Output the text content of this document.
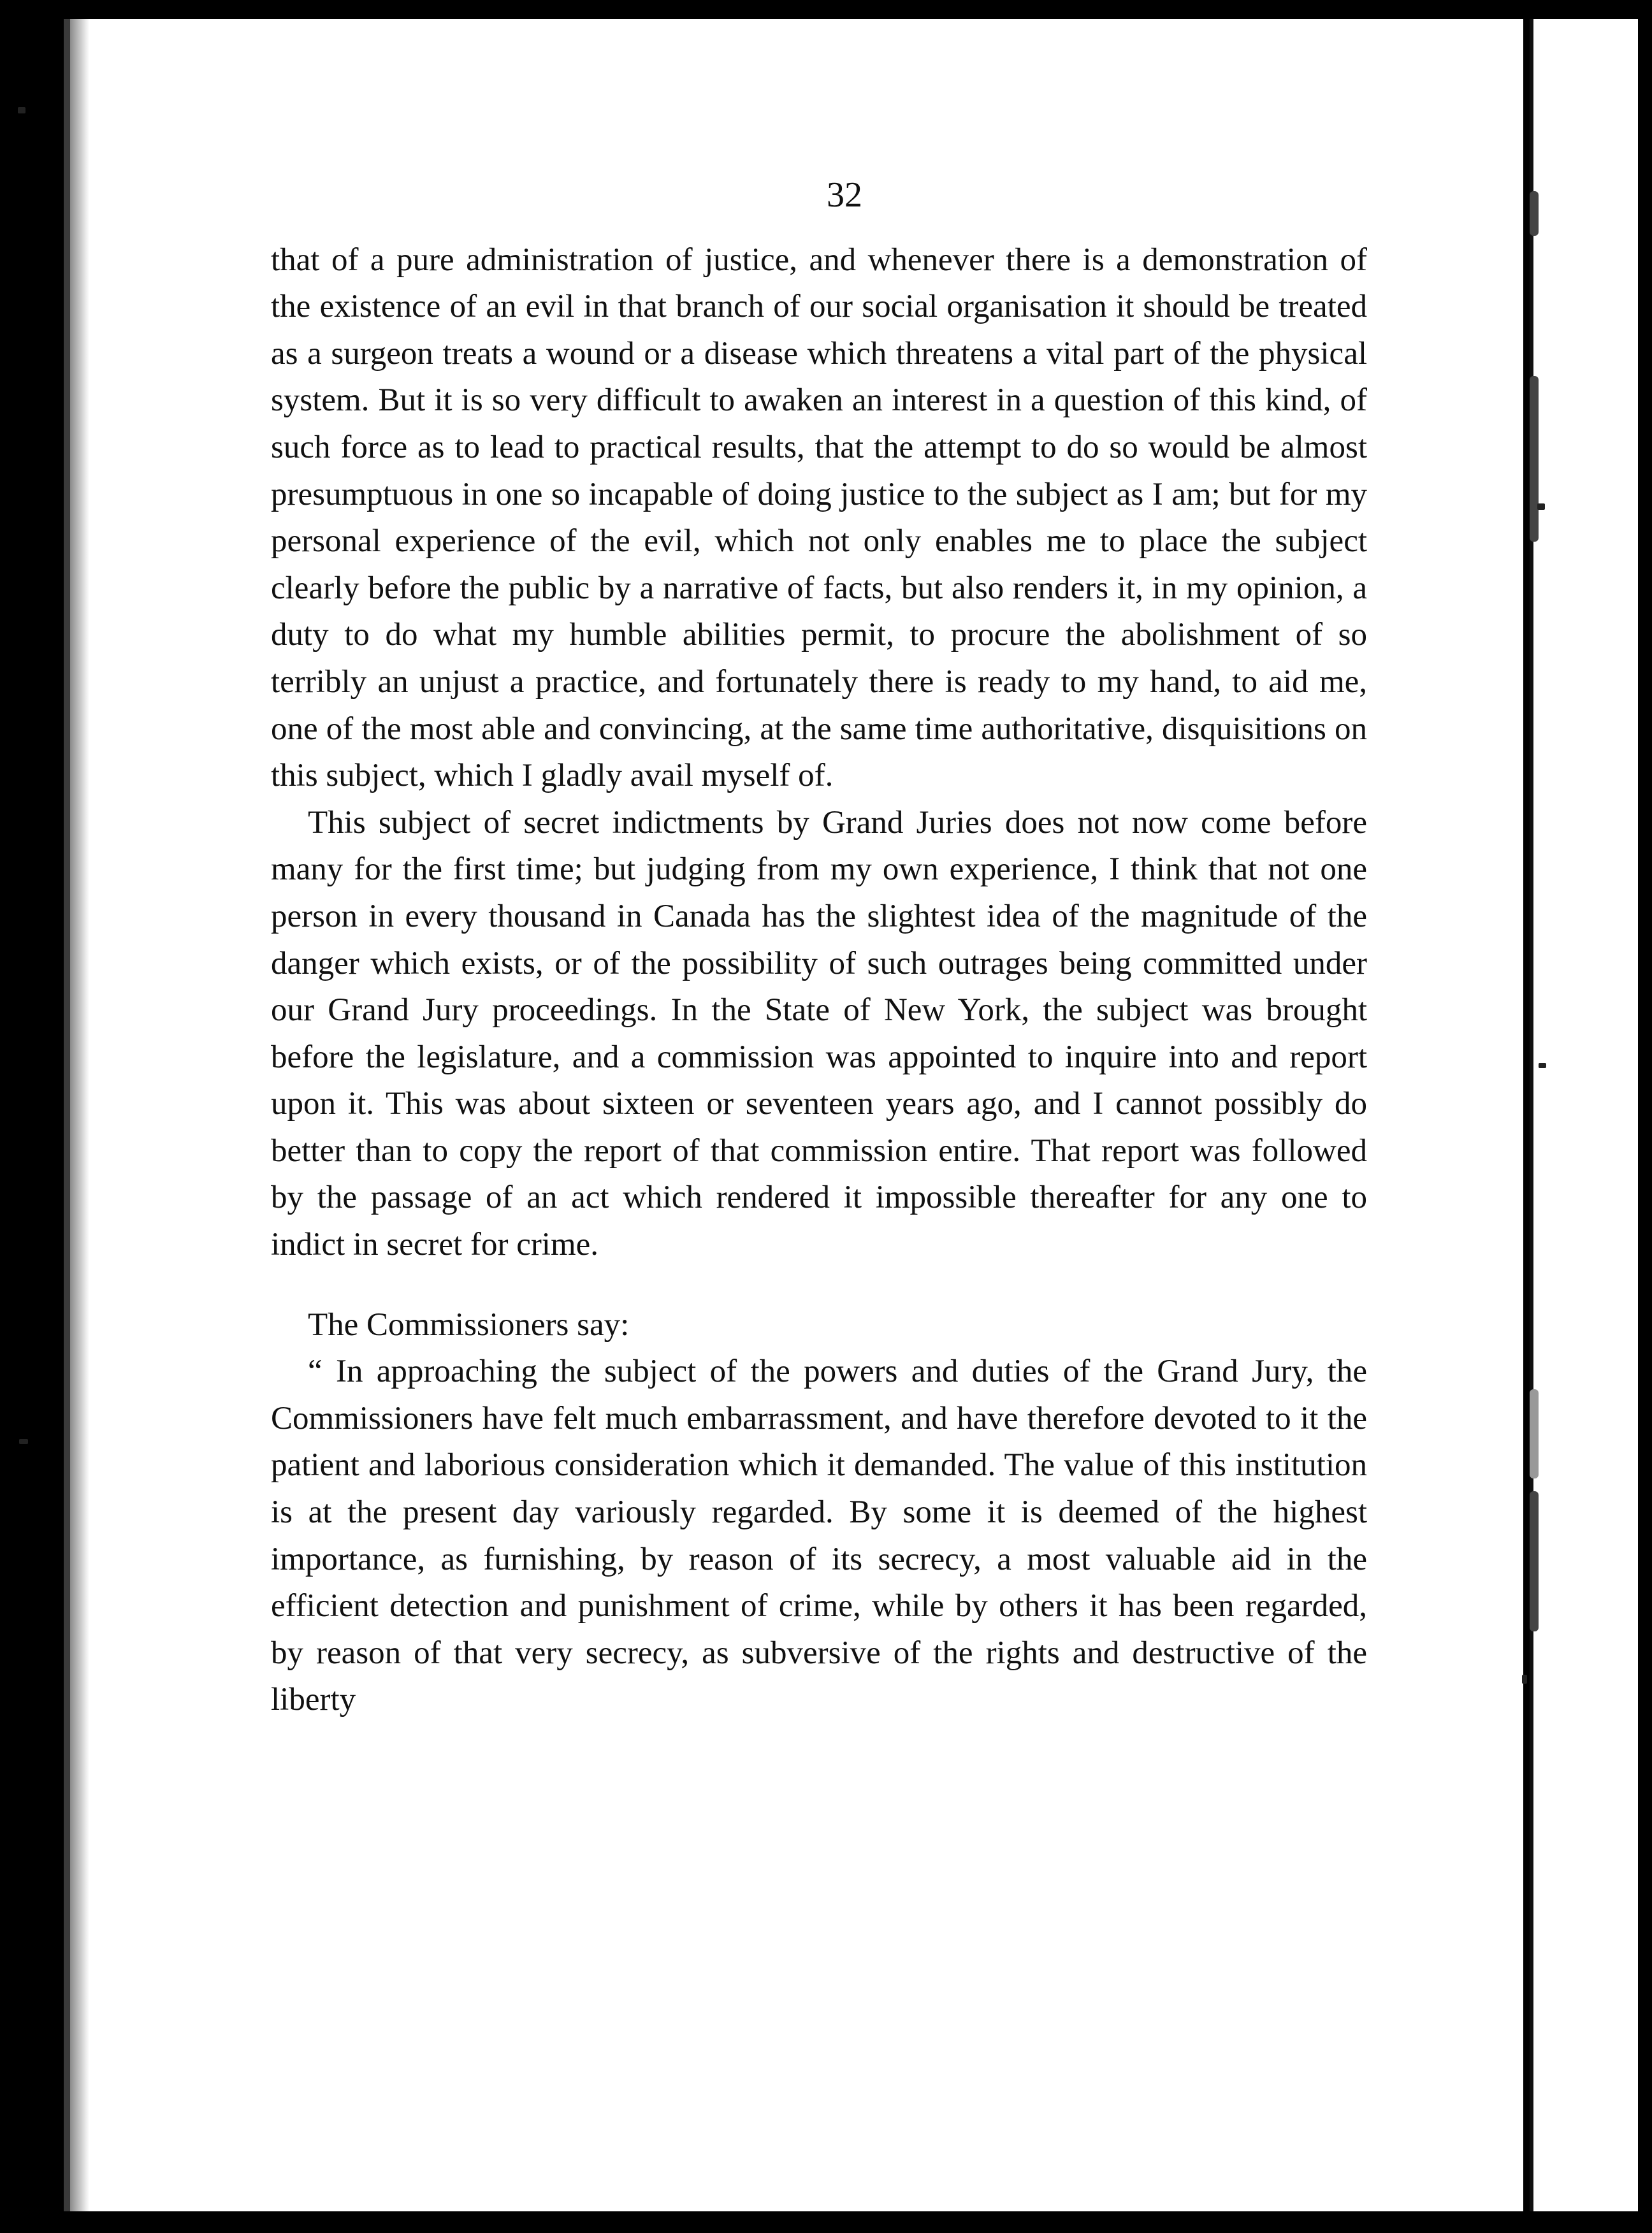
32

that of a pure administration of justice, and whenever there is a demonstration of the existence of an evil in that branch of our social organisation it should be treated as a surgeon treats a wound or a disease which threatens a vital part of the physical system. But it is so very difficult to awaken an interest in a question of this kind, of such force as to lead to practical results, that the attempt to do so would be almost presumptuous in one so incapable of doing justice to the subject as I am; but for my personal experience of the evil, which not only enables me to place the subject clearly before the public by a narrative of facts, but also renders it, in my opinion, a duty to do what my humble abilities permit, to procure the abolishment of so terribly an unjust a practice, and fortunately there is ready to my hand, to aid me, one of the most able and convincing, at the same time authoritative, disquisitions on this subject, which I gladly avail myself of.

This subject of secret indictments by Grand Juries does not now come before many for the first time; but judging from my own experience, I think that not one person in every thousand in Canada has the slightest idea of the magnitude of the danger which exists, or of the possibility of such outrages being committed under our Grand Jury proceedings. In the State of New York, the subject was brought before the legislature, and a commission was appointed to inquire into and report upon it. This was about sixteen or seventeen years ago, and I cannot possibly do better than to copy the report of that commission entire. That report was followed by the passage of an act which rendered it impossible thereafter for any one to indict in secret for crime.

The Commissioners say:

“ In approaching the subject of the powers and duties of the Grand Jury, the Commissioners have felt much embarrassment, and have therefore devoted to it the patient and laborious consideration which it demanded. The value of this institution is at the present day variously regarded. By some it is deemed of the highest importance, as furnishing, by reason of its secrecy, a most valuable aid in the efficient detection and punishment of crime, while by others it has been regarded, by reason of that very secrecy, as subversive of the rights and destructive of the liberty
